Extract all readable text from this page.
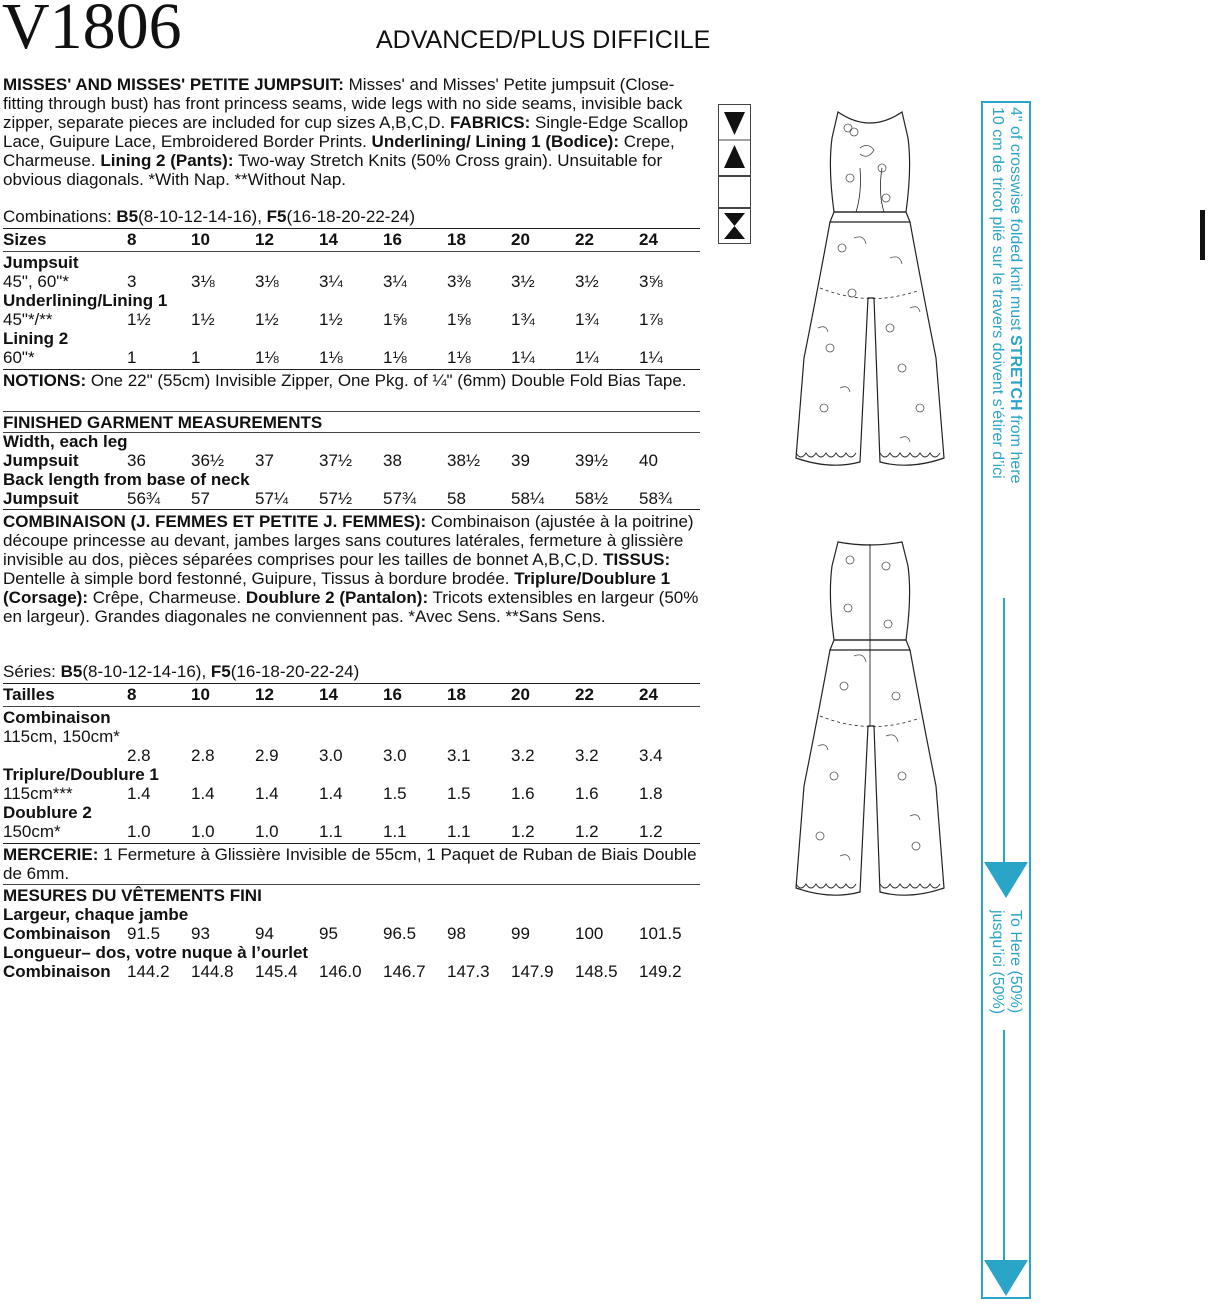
V1806	ADVANCED/PLUS DIFFICILE
MISSES' AND MISSES' PETITE JUMPSUIT: Misses' and Misses' Petite jumpsuit (Close-fitting through bust) has front princess seams, wide legs with no side seams, invisible back zipper, separate pieces are included for cup sizes A,B,C,D. FABRICS: Single-Edge Scallop Lace, Guipure Lace, Embroidered Border Prints. Underlining/ Lining 1 (Bodice): Crepe, Charmeuse. Lining 2 (Pants): Two-way Stretch Knits (50% Cross grain). Unsuitable for obvious diagonals. *With Nap. **Without Nap.
Combinations: B5(8-10-12-14-16), F5(16-18-20-22-24)
Sizes	8	10	12	14	16	18	20	22	24
Jumpsuit
45", 60"*	3	3⅛ 3⅛ 3¼ 3¼ 3⅜ 3½ 3½ 3⅝
Underlining/Lining 1
45"*/**	1½ 1½ 1½ 1½ 1⅝ 1⅝ 1¾ 1¾ 1⅞
Lining 2
60"*	1	1	1⅛ 1⅛ 1⅛ 1⅛ 1¼ 1¼ 1¼
NOTIONS: One 22" (55cm) Invisible Zipper, One Pkg. of ¼" (6mm) Double Fold Bias Tape.
FINISHED GARMENT MEASUREMENTS
Width, each leg
Jumpsuit	36	36½ 37	37½ 38	38½ 39	39½ 40
Back length from base of neck
Jumpsuit	56¾ 57	57¼ 57½ 57¾ 58	58¼ 58½ 58¾
COMBINAISON (J. FEMMES ET PETITE J. FEMMES): Combinaison (ajustée à la poitrine) découpe princesse au devant, jambes larges sans coutures latérales, fermeture à glissière invisible au dos, pièces séparées comprises pour les tailles de bonnet A,B,C,D. TISSUS: Dentelle à simple bord festonné, Guipure, Tissus à bordure brodée. Triplure/Doublure 1 (Corsage): Crêpe, Charmeuse. Doublure 2 (Pantalon): Tricots extensibles en largeur (50% en largeur). Grandes diagonales ne conviennent pas. *Avec Sens. **Sans Sens.
Séries: B5(8-10-12-14-16), F5(16-18-20-22-24)
Tailles	8	10	12	14	16	18	20	22	24
Combinaison
115cm, 150cm*
2.8 2.8 2.9 3.0 3.0 3.1 3.2 3.2 3.4
Triplure/Doublure 1
115cm***	1.4 1.4 1.4 1.4 1.5 1.5 1.6 1.6 1.8
Doublure 2
150cm*	1.0 1.0 1.0 1.1 1.1 1.1 1.2 1.2 1.2
MERCERIE: 1 Fermeture à Glissière Invisible de 55cm, 1 Paquet de Ruban de Biais Double de 6mm.
MESURES DU VÊTEMENTS FINI
Largeur, chaque jambe
Combinaison 91.5 93	94	95	96.5 98	99	100 101.5
Longueur– dos, votre nuque à l’ourlet
Combinaison 144.2 144.8 145.4 146.0 146.7 147.3 147.9 148.5 149.2
4" of crosswise folded knit must STRETCH from here
10 cm de tricot plié sur le travers doivent s’étirer d’ici
To Here (50%)
jusqu’ici (50%)
